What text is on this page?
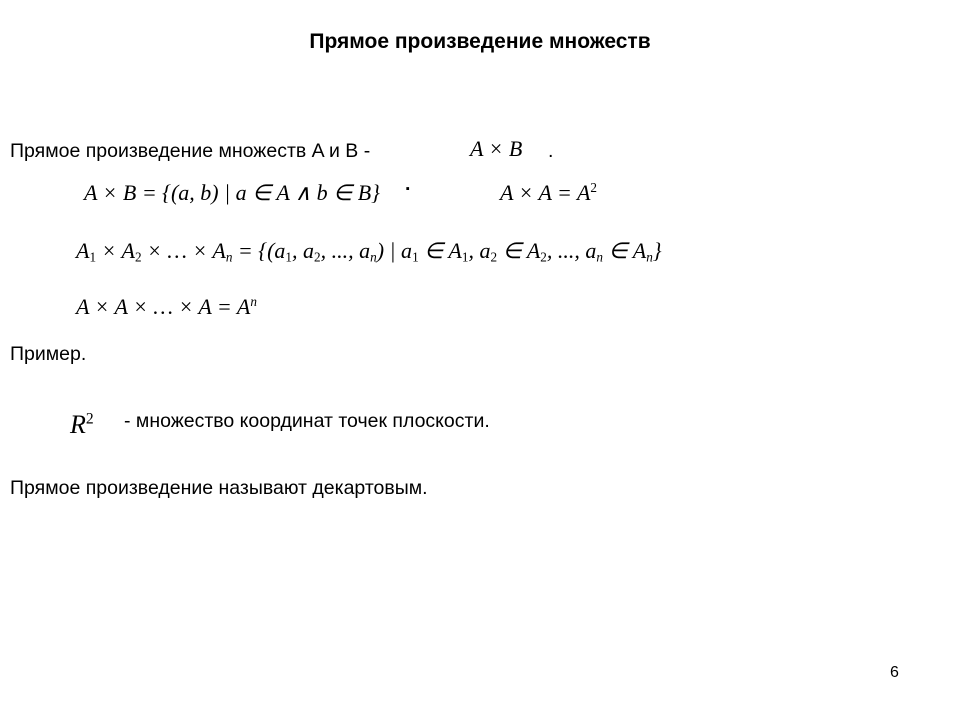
Прямое произведение множеств
Прямое произведение множеств A и B -	A × B .
A × B = {(a, b) | a ∈ A ∧ b ∈ B} ·	$A \times A = A^2$
$A_1 \times A_2$ × … × $A_n = \{(a_1$, $a_2$, ..., $a_n$) | $a_1$ ∈ $A_1$, $a_2$ ∈ $A_2$, ..., $a_n$ ∈ $A_n$}
A × A × … × $A = A^n$
Пример.
$R^2$ - множество координат точек плоскости.
Прямое произведение называют декартовым.
6
